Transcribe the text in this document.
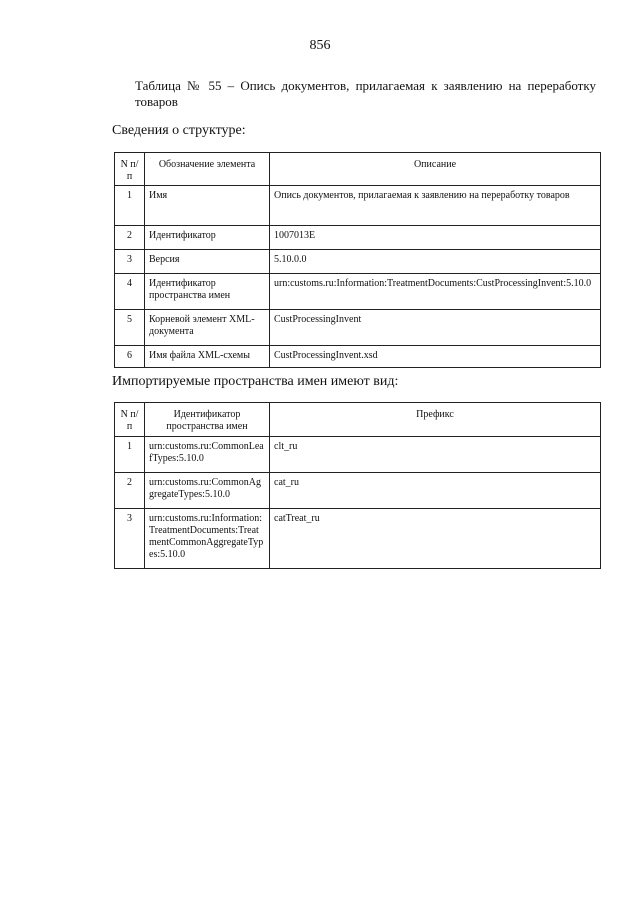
856
Таблица № 55 – Опись документов, прилагаемая к заявлению на переработку
товаров
Сведения о структуре:
N п/п	Обозначение элемента	Описание
1	Имя	Опись документов, прилагаемая к заявлению на переработку товаров
2	Идентификатор	1007013E
3	Версия	5.10.0.0
4	Идентификатор пространства имен	urn:customs.ru:Information:TreatmentDocuments:CustProcessingInvent:5.10.0
5	Корневой элемент XML-документа	CustProcessingInvent
6	Имя файла XML-схемы	CustProcessingInvent.xsd
Импортируемые пространства имен имеют вид:
N п/п	Идентификатор пространства имен	Префикс
1	urn:customs.ru:CommonLeafTypes:5.10.0	clt_ru
2	urn:customs.ru:CommonAggregateTypes:5.10.0	cat_ru
3	urn:customs.ru:Information:TreatmentDocuments:TreatmentCommonAggregateTypes:5.10.0	catTreat_ru
